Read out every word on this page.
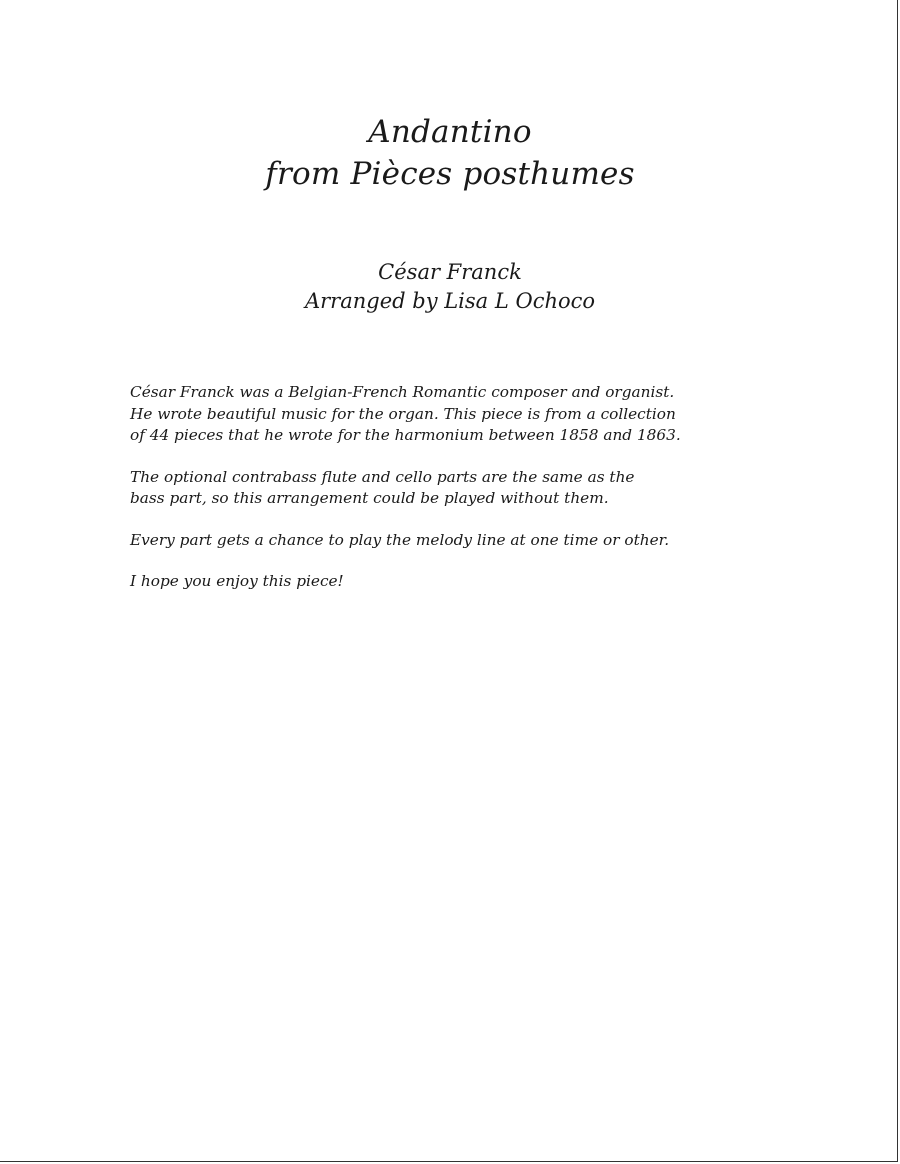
Andantino
from Pièces posthumes
César Franck
Arranged by Lisa L Ochoco

César Franck was a Belgian-French Romantic composer and organist.
He wrote beautiful music for the organ. This piece is from a collection
of 44 pieces that he wrote for the harmonium between 1858 and 1863.

The optional contrabass flute and cello parts are the same as the
bass part, so this arrangement could be played without them.

Every part gets a chance to play the melody line at one time or other.

I hope you enjoy this piece!
